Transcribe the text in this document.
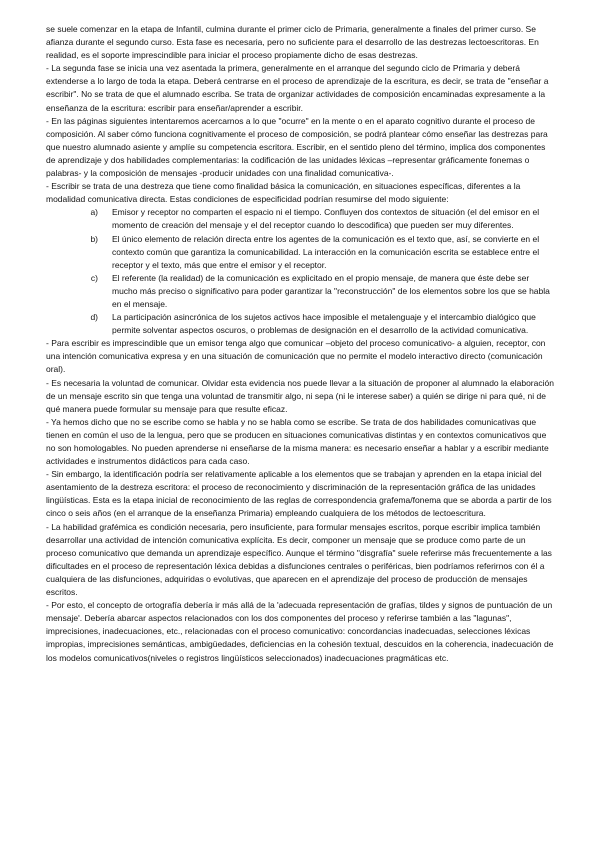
se suele comenzar en la etapa de Infantil, culmina durante el primer ciclo de Primaria, generalmente a finales del primer curso. Se afianza durante el segundo curso. Esta fase es necesaria, pero no suficiente para el desarrollo de las destrezas lectoescritoras. En realidad, es el soporte imprescindible para iniciar el proceso propiamente dicho de esas destrezas.

- La segunda fase se inicia una vez asentada la primera, generalmente en el arranque del segundo ciclo de Primaria y deberá extenderse a lo largo de toda la etapa. Deberá centrarse en el proceso de aprendizaje de la escritura, es decir, se trata de "enseñar a escribir". No se trata de que el alumnado escriba. Se trata de organizar actividades de composición encaminadas expresamente a la enseñanza de la escritura: escribir para enseñar/aprender a escribir.

- En las páginas siguientes intentaremos acercarnos a lo que "ocurre" en la mente o en el aparato cognitivo durante el proceso de composición. Al saber cómo funciona cognitivamente el proceso de composición, se podrá plantear cómo enseñar las destrezas para que nuestro alumnado asiente y amplíe su competencia escritora. Escribir, en el sentido pleno del término, implica dos componentes de aprendizaje y dos habilidades complementarias: la codificación de las unidades léxicas –representar gráficamente fonemas o palabras- y la composición de mensajes -producir unidades con una finalidad comunicativa-.

- Escribir se trata de una destreza que tiene como finalidad básica la comunicación, en situaciones específicas, diferentes a la modalidad comunicativa directa. Estas condiciones de especificidad podrían resumirse del modo siguiente:

a)	Emisor y receptor no comparten el espacio ni el tiempo. Confluyen dos contextos de situación (el del emisor en el momento de creación del mensaje y el del receptor cuando lo descodifica) que pueden ser muy diferentes.
b)	El único elemento de relación directa entre los agentes de la comunicación es el texto que, así, se convierte en el contexto común que garantiza la comunicabilidad. La interacción en la comunicación escrita se establece entre el receptor y el texto, más que entre el emisor y el receptor.
c)	El referente (la realidad) de la comunicación es explicitado en el propio mensaje, de manera que éste debe ser mucho más preciso o significativo para poder garantizar la "reconstrucción" de los elementos sobre los que se habla en el mensaje.
d)	La participación asincrónica de los sujetos activos hace imposible el metalenguaje y el intercambio dialógico que permite solventar aspectos oscuros, o problemas de designación en el desarrollo de la actividad comunicativa.

- Para escribir es imprescindible que un emisor tenga algo que comunicar –objeto del proceso comunicativo- a alguien, receptor, con una intención comunicativa expresa y en una situación de comunicación que no permite el modelo interactivo directo (comunicación oral).

- Es necesaria la voluntad de comunicar. Olvidar esta evidencia nos puede llevar a la situación de proponer al alumnado la elaboración de un mensaje escrito sin que tenga una voluntad de transmitir algo, ni sepa (ni le interese saber) a quién se dirige ni para qué, ni de qué manera puede formular su mensaje para que resulte eficaz.

- Ya hemos dicho que no se escribe como se habla y no se habla como se escribe. Se trata de dos habilidades comunicativas que tienen en común el uso de la lengua, pero que se producen en situaciones comunicativas distintas y en contextos comunicativos que no son homologables. No pueden aprenderse ni enseñarse de la misma manera: es necesario enseñar a hablar y a escribir mediante actividades e instrumentos didácticos para cada caso.

- Sin embargo, la identificación podría ser relativamente aplicable a los elementos que se trabajan y aprenden en la etapa inicial del asentamiento de la destreza escritora: el proceso de reconocimiento y discriminación de la representación gráfica de las unidades lingüísticas. Esta es la etapa inicial de reconocimiento de las reglas de correspondencia grafema/fonema que se aborda a partir de los cinco o seis años (en el arranque de la enseñanza Primaria) empleando cualquiera de los métodos de lectoescritura.

- La habilidad grafémica es condición necesaria, pero insuficiente, para formular mensajes escritos, porque escribir implica también desarrollar una actividad de intención comunicativa explícita. Es decir, componer un mensaje que se produce como parte de un proceso comunicativo que demanda un aprendizaje específico. Aunque el término "disgrafía" suele referirse más frecuentemente a las dificultades en el proceso de representación léxica debidas a disfunciones centrales o periféricas, bien podríamos referirnos con él a cualquiera de las disfunciones, adquiridas o evolutivas, que aparecen en el aprendizaje del proceso de producción de mensajes escritos.

- Por esto, el concepto de ortografía debería ir más allá de la 'adecuada representación de grafías, tildes y signos de puntuación de un mensaje'. Debería abarcar aspectos relacionados con los dos componentes del proceso y referirse también a las "lagunas", imprecisiones, inadecuaciones, etc., relacionadas con el proceso comunicativo: concordancias inadecuadas, selecciones léxicas impropias, imprecisiones semánticas, ambigüedades, deficiencias en la cohesión textual, descuidos en la coherencia, inadecuación de los modelos comunicativos(niveles o registros lingüísticos seleccionados) inadecuaciones pragmáticas etc.
